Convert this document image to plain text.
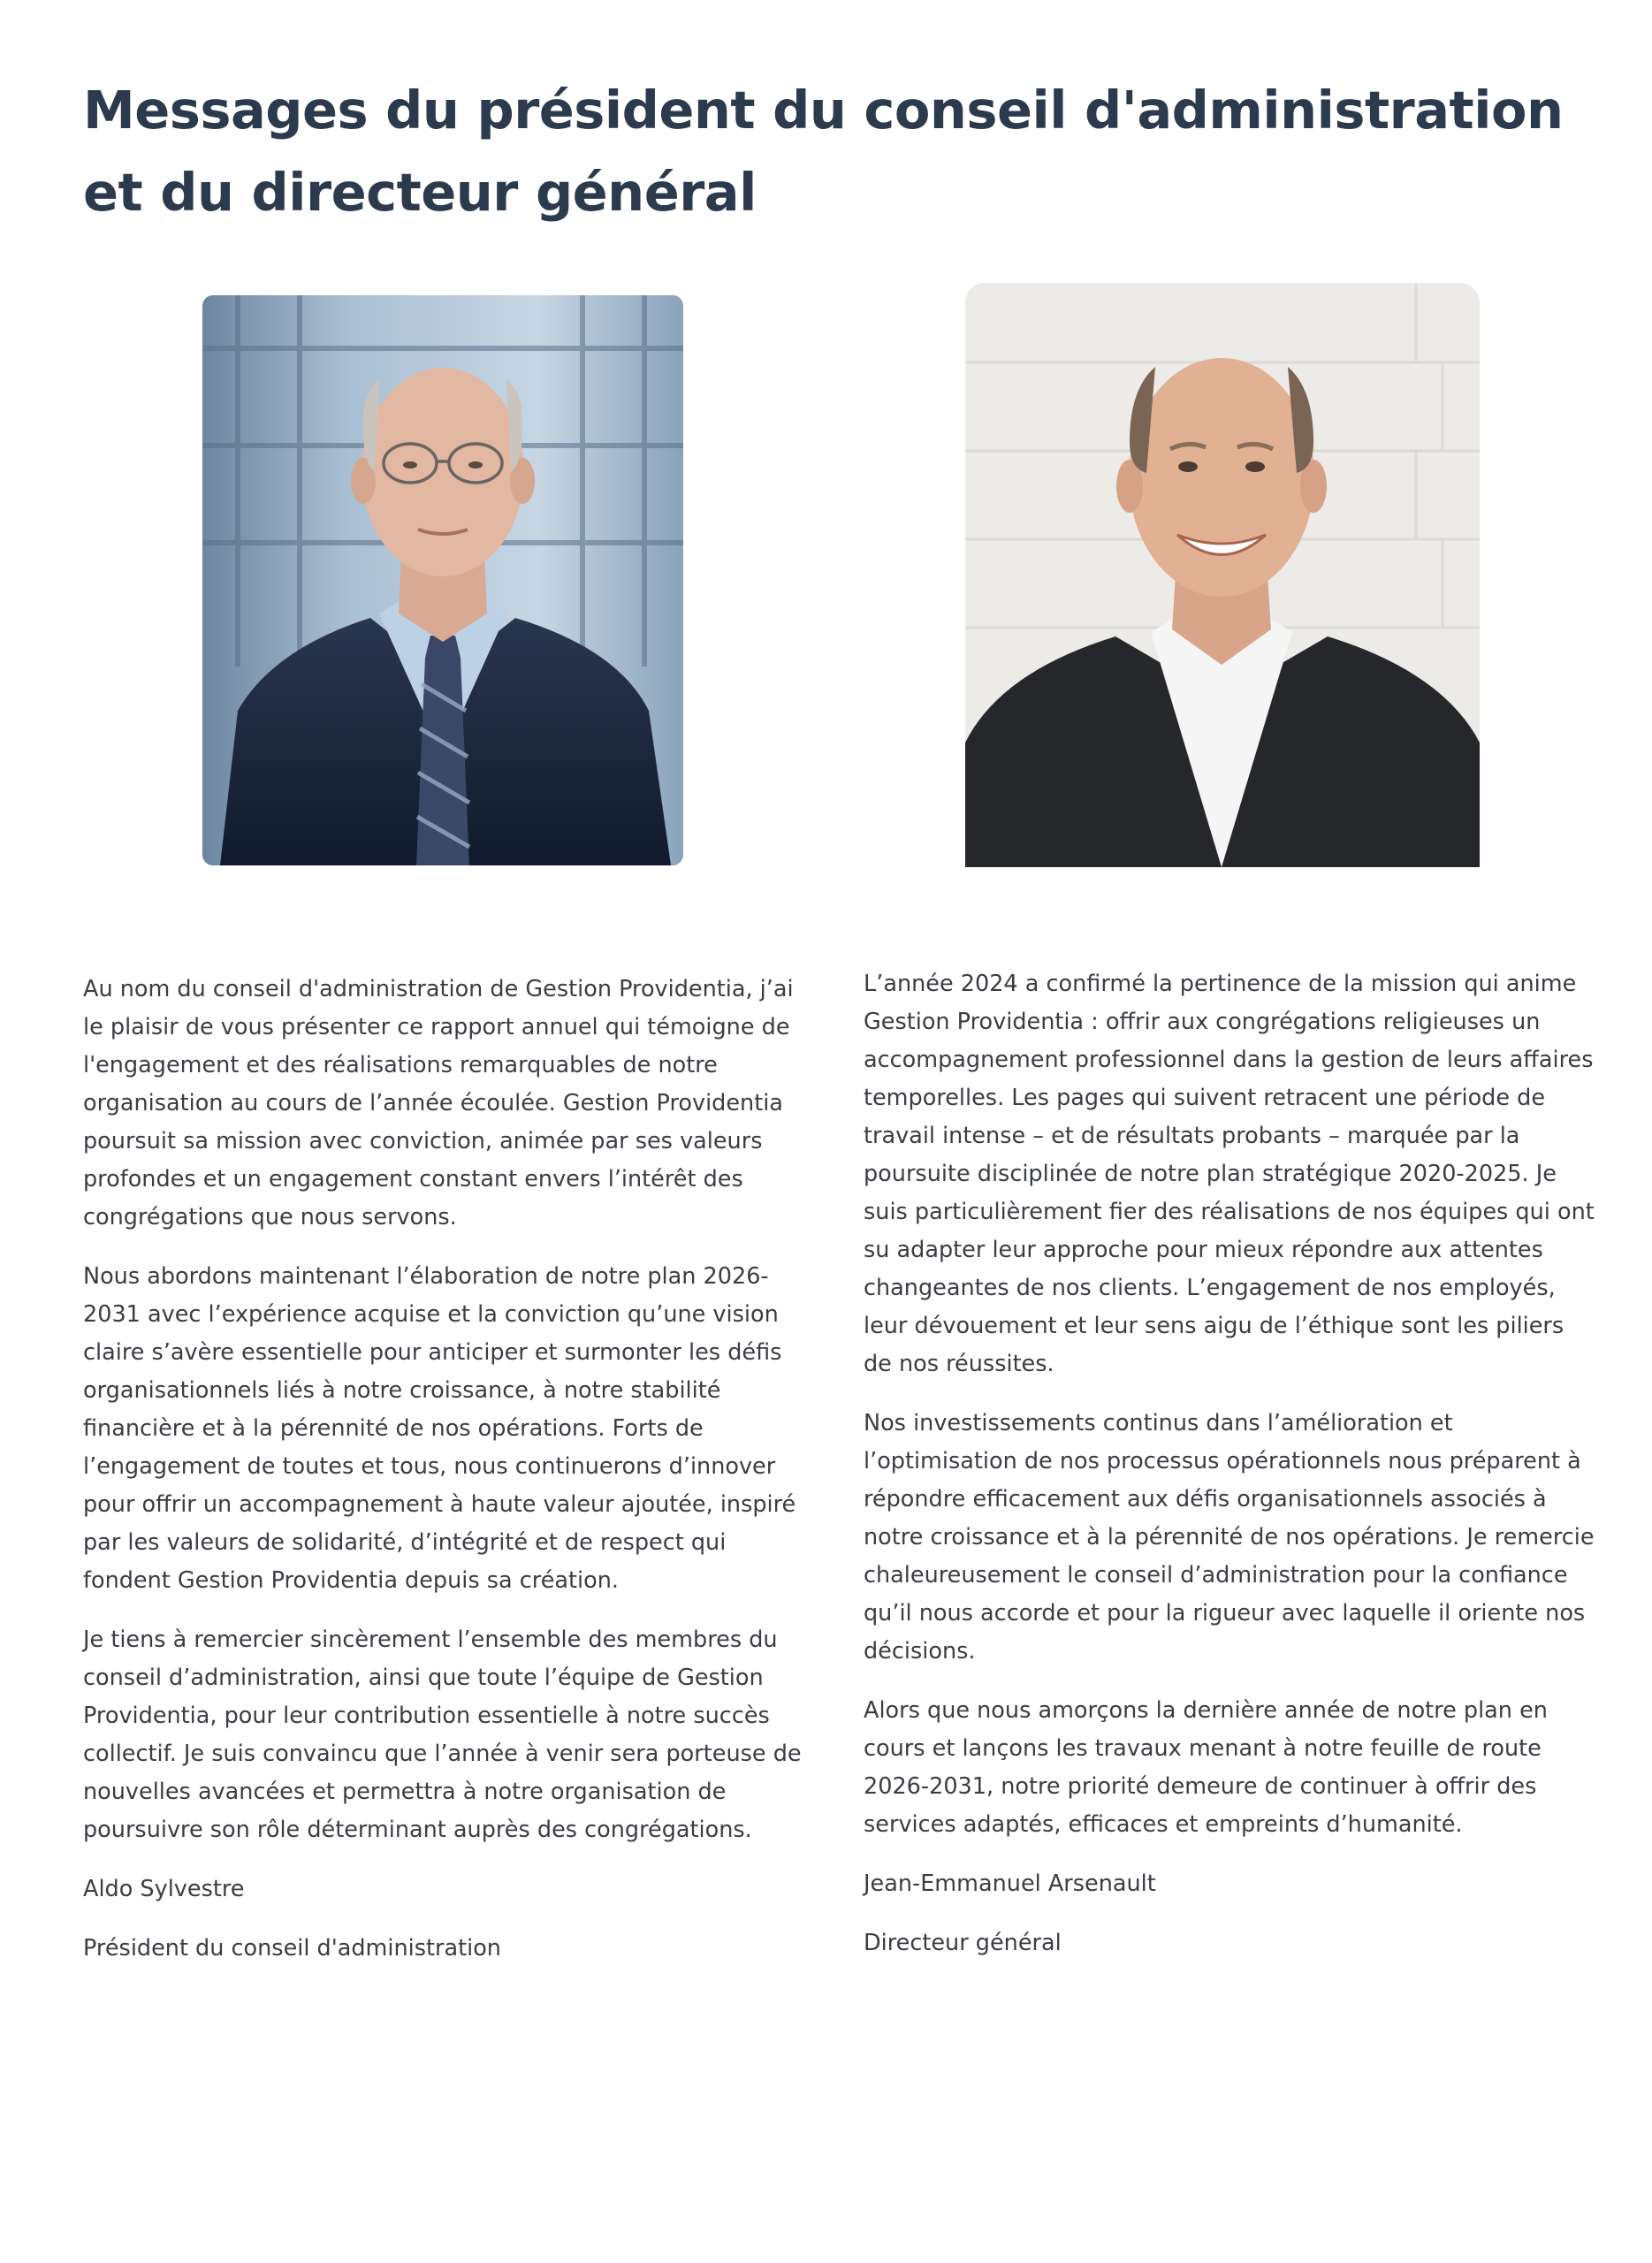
Messages du président du conseil d'administration et du directeur général

Au nom du conseil d'administration de Gestion Providentia, j’ai le plaisir de vous présenter ce rapport annuel qui témoigne de l'engagement et des réalisations remarquables de notre organisation au cours de l’année écoulée. Gestion Providentia poursuit sa mission avec conviction, animée par ses valeurs profondes et un engagement constant envers l’intérêt des congrégations que nous servons.

Nous abordons maintenant l’élaboration de notre plan 2026-2031 avec l’expérience acquise et la conviction qu’une vision claire s’avère essentielle pour anticiper et surmonter les défis organisationnels liés à notre croissance, à notre stabilité financière et à la pérennité de nos opérations. Forts de l’engagement de toutes et tous, nous continuerons d’innover pour offrir un accompagnement à haute valeur ajoutée, inspiré par les valeurs de solidarité, d’intégrité et de respect qui fondent Gestion Providentia depuis sa création.

Je tiens à remercier sincèrement l’ensemble des membres du conseil d’administration, ainsi que toute l’équipe de Gestion Providentia, pour leur contribution essentielle à notre succès collectif. Je suis convaincu que l’année à venir sera porteuse de nouvelles avancées et permettra à notre organisation de poursuivre son rôle déterminant auprès des congrégations.

Aldo Sylvestre

Président du conseil d'administration

L’année 2024 a confirmé la pertinence de la mission qui anime Gestion Providentia : offrir aux congrégations religieuses un accompagnement professionnel dans la gestion de leurs affaires temporelles. Les pages qui suivent retracent une période de travail intense – et de résultats probants – marquée par la poursuite disciplinée de notre plan stratégique 2020-2025. Je suis particulièrement fier des réalisations de nos équipes qui ont su adapter leur approche pour mieux répondre aux attentes changeantes de nos clients. L’engagement de nos employés, leur dévouement et leur sens aigu de l’éthique sont les piliers de nos réussites.

Nos investissements continus dans l’amélioration et l’optimisation de nos processus opérationnels nous préparent à répondre efficacement aux défis organisationnels associés à notre croissance et à la pérennité de nos opérations. Je remercie chaleureusement le conseil d’administration pour la confiance qu’il nous accorde et pour la rigueur avec laquelle il oriente nos décisions.

Alors que nous amorçons la dernière année de notre plan en cours et lançons les travaux menant à notre feuille de route 2026-2031, notre priorité demeure de continuer à offrir des services adaptés, efficaces et empreints d’humanité.

Jean-Emmanuel Arsenault

Directeur général
